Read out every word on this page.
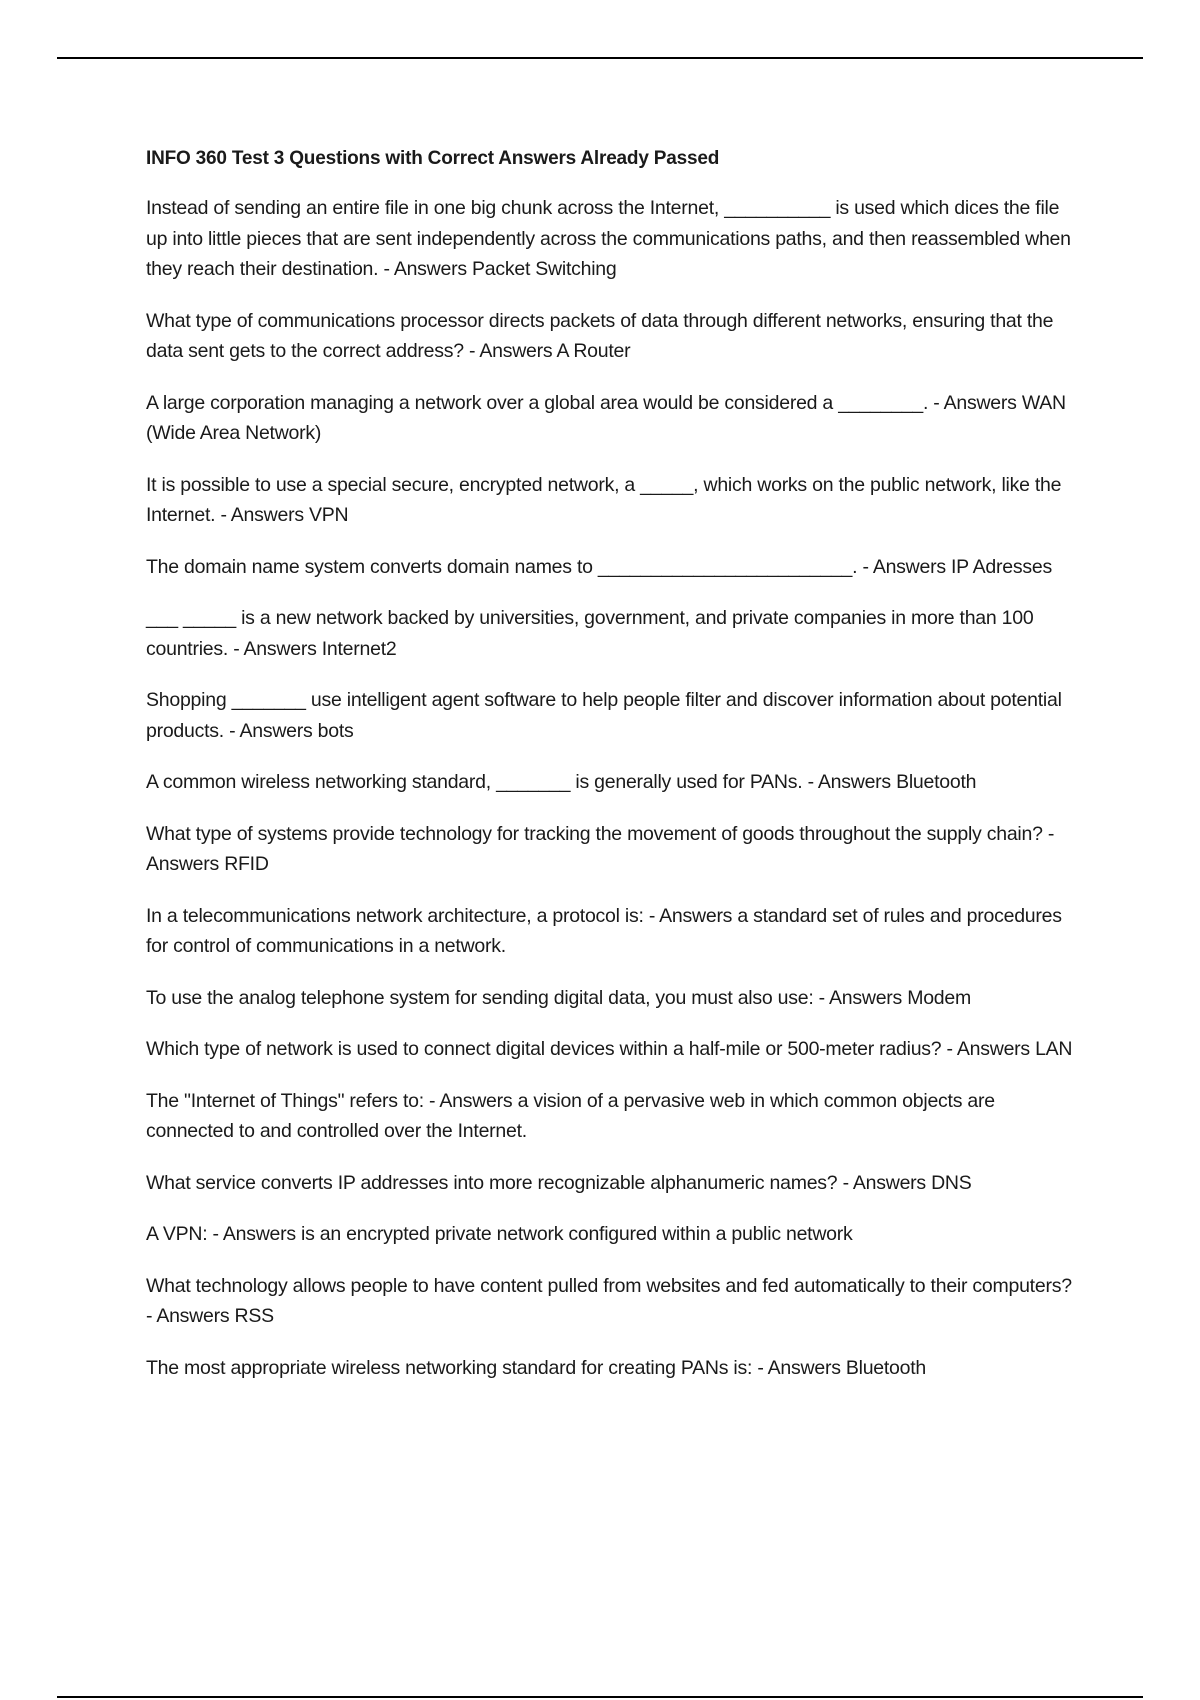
INFO 360 Test 3 Questions with Correct Answers Already Passed

Instead of sending an entire file in one big chunk across the Internet, __________ is used which dices the file up into little pieces that are sent independently across the communications paths, and then reassembled when they reach their destination. - Answers Packet Switching

What type of communications processor directs packets of data through different networks, ensuring that the data sent gets to the correct address? - Answers A Router

A large corporation managing a network over a global area would be considered a ________. - Answers WAN (Wide Area Network)

It is possible to use a special secure, encrypted network, a _____, which works on the public network, like the Internet. - Answers VPN

The domain name system converts domain names to ________________________. - Answers IP Adresses

___ _____ is a new network backed by universities, government, and private companies in more than 100 countries. - Answers Internet2

Shopping _______ use intelligent agent software to help people filter and discover information about potential products. - Answers bots

A common wireless networking standard, _______ is generally used for PANs. - Answers Bluetooth

What type of systems provide technology for tracking the movement of goods throughout the supply chain? - Answers RFID

In a telecommunications network architecture, a protocol is: - Answers a standard set of rules and procedures for control of communications in a network.

To use the analog telephone system for sending digital data, you must also use: - Answers Modem

Which type of network is used to connect digital devices within a half-mile or 500-meter radius? - Answers LAN

The "Internet of Things" refers to: - Answers a vision of a pervasive web in which common objects are connected to and controlled over the Internet.

What service converts IP addresses into more recognizable alphanumeric names? - Answers DNS

A VPN: - Answers is an encrypted private network configured within a public network

What technology allows people to have content pulled from websites and fed automatically to their computers? - Answers RSS

The most appropriate wireless networking standard for creating PANs is: - Answers Bluetooth
